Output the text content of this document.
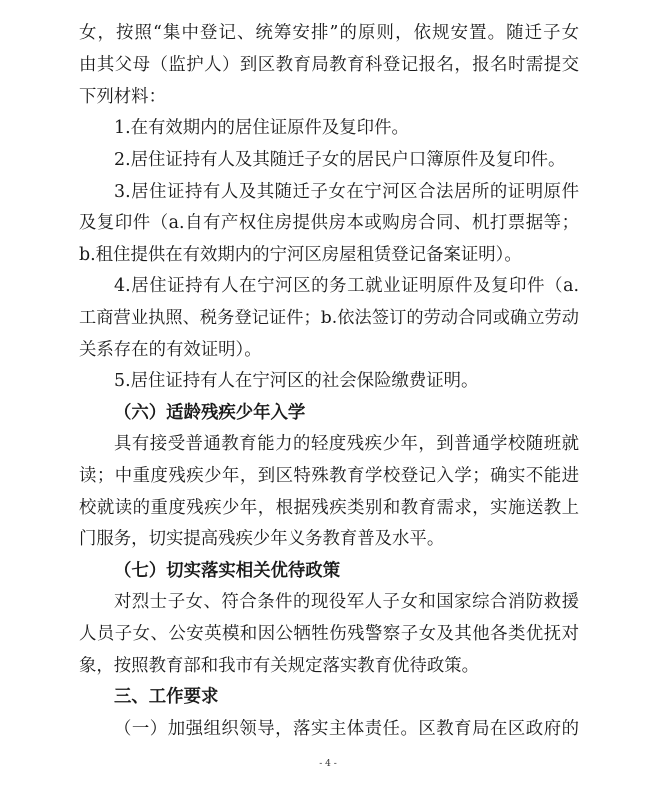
女，按照“集中登记、统筹安排”的原则，依规安置。随迁子女
由其父母（监护人）到区教育局教育科登记报名，报名时需提交
下列材料：
1.在有效期内的居住证原件及复印件。
2.居住证持有人及其随迁子女的居民户口簿原件及复印件。
3.居住证持有人及其随迁子女在宁河区合法居所的证明原件
及复印件（a.自有产权住房提供房本或购房合同、机打票据等；
b.租住提供在有效期内的宁河区房屋租赁登记备案证明）。
4.居住证持有人在宁河区的务工就业证明原件及复印件（a.
工商营业执照、税务登记证件；b.依法签订的劳动合同或确立劳动
关系存在的有效证明）。
5.居住证持有人在宁河区的社会保险缴费证明。
（六）适龄残疾少年入学
具有接受普通教育能力的轻度残疾少年，到普通学校随班就
读；中重度残疾少年，到区特殊教育学校登记入学；确实不能进
校就读的重度残疾少年，根据残疾类别和教育需求，实施送教上
门服务，切实提高残疾少年义务教育普及水平。
（七）切实落实相关优待政策
对烈士子女、符合条件的现役军人子女和国家综合消防救援
人员子女、公安英模和因公牺牲伤残警察子女及其他各类优抚对
象，按照教育部和我市有关规定落实教育优待政策。
三、工作要求
（一）加强组织领导，落实主体责任。区教育局在区政府的
- 4 -
